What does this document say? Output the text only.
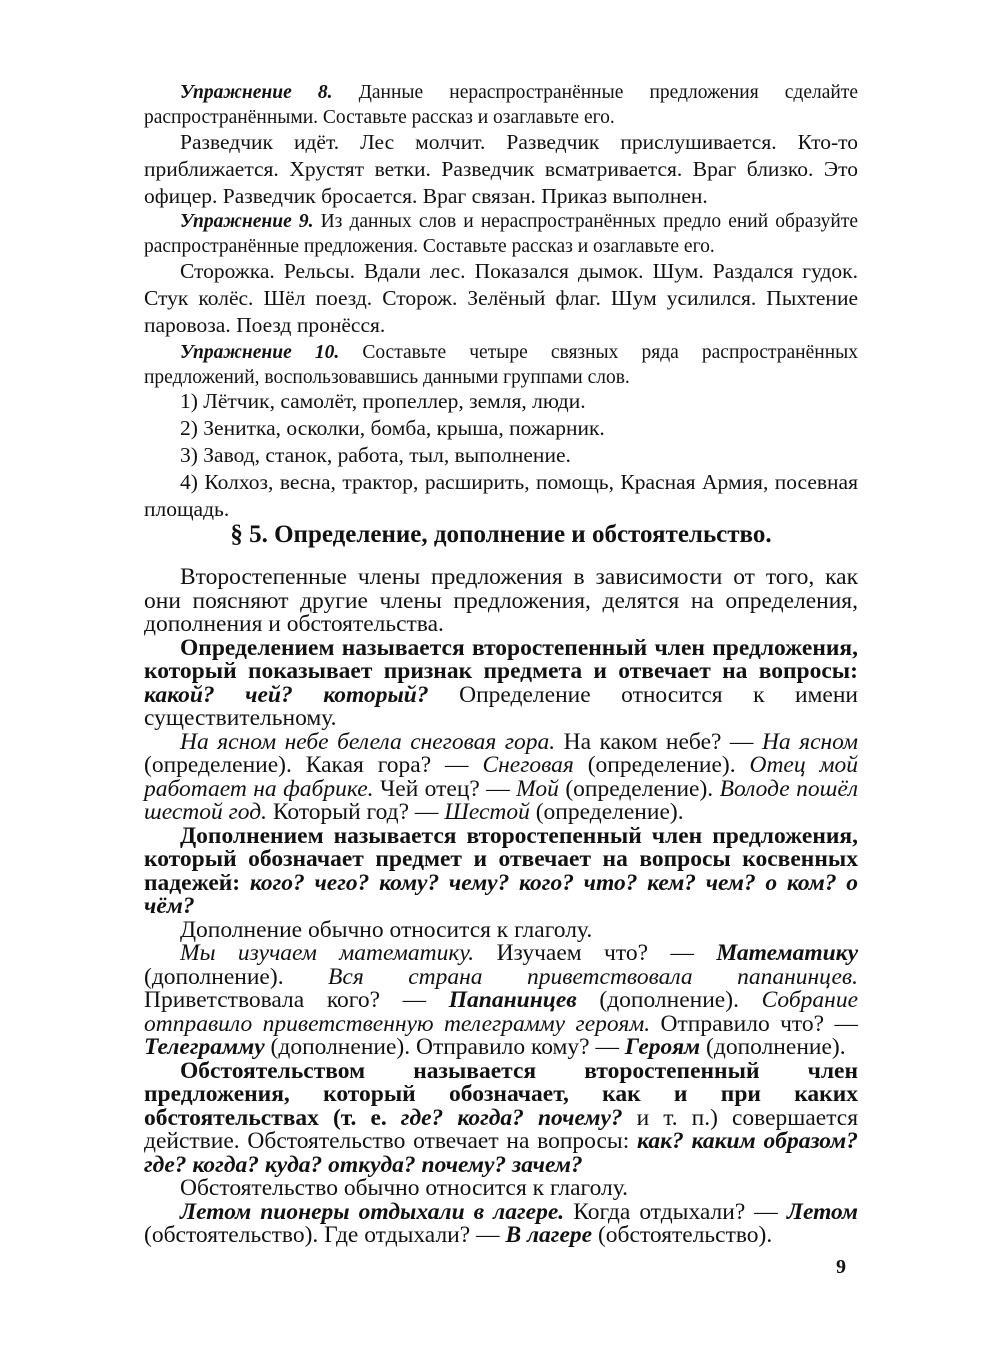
Упражнение 8. Данные нераспространённые предложения сделайте распространёнными. Составьте рассказ и озаглавьте его.

Разведчик идёт. Лес молчит. Разведчик прислушивается. Кто-то приближается. Хрустят ветки. Разведчик всматривается. Враг близко. Это офицер. Разведчик бросается. Враг связан. Приказ выполнен.

Упражнение 9. Из данных слов и нераспространённых предло ений образуйте распространённые предложения. Составьте рассказ и озаглавьте его.

Сторожка. Рельсы. Вдали лес. Показался дымок. Шум. Раздался гудок. Стук колёс. Шёл поезд. Сторож. Зелёный флаг. Шум усилился. Пыхтение паровоза. Поезд пронёсся.

Упражнение 10. Составьте четыре связных ряда распространённых предложений, воспользовавшись данными группами слов.

1) Лётчик, самолёт, пропеллер, земля, люди.

2) Зенитка, осколки, бомба, крыша, пожарник.

3) Завод, станок, работа, тыл, выполнение.

4) Колхоз, весна, трактор, расширить, помощь, Красная Армия, посевная площадь.

§ 5. Определение, дополнение и обстоятельство.

Второстепенные члены предложения в зависимости от того, как они поясняют другие члены предложения, делятся на определения, дополнения и обстоятельства.

Определением называется второстепенный член предложения, который показывает признак предмета и отвечает на вопросы: какой? чей? который? Определение относится к имени существительному.

На ясном небе белела снеговая гора. На каком небе? — На ясном (определение). Какая гора? — Снеговая (определение). Отец мой работает на фабрике. Чей отец? — Мой (определение). Володе пошёл шестой год. Который год? — Шестой (определение).

Дополнением называется второстепенный член предложения, который обозначает предмет и отвечает на вопросы косвенных падежей: кого? чего? кому? чему? кого? что? кем? чем? о ком? о чём?

Дополнение обычно относится к глаголу.

Мы изучаем математику. Изучаем что? — Математику (дополнение). Вся страна приветствовала папанинцев. Приветствовала кого? — Папанинцев (дополнение). Собрание отправило приветственную телеграмму героям. Отправило что? — Телеграмму (дополнение). Отправило кому? — Героям (дополнение).

Обстоятельством называется второстепенный член предложения, который обозначает, как и при каких обстоятельствах (т. е. где? когда? почему? и т. п.) совершается действие. Обстоятельство отвечает на вопросы: как? каким образом? где? когда? куда? откуда? почему? зачем?

Обстоятельство обычно относится к глаголу.

Летом пионеры отдыхали в лагере. Когда отдыхали? — Летом (обстоятельство). Где отдыхали? — В лагере (обстоятельство).

9
